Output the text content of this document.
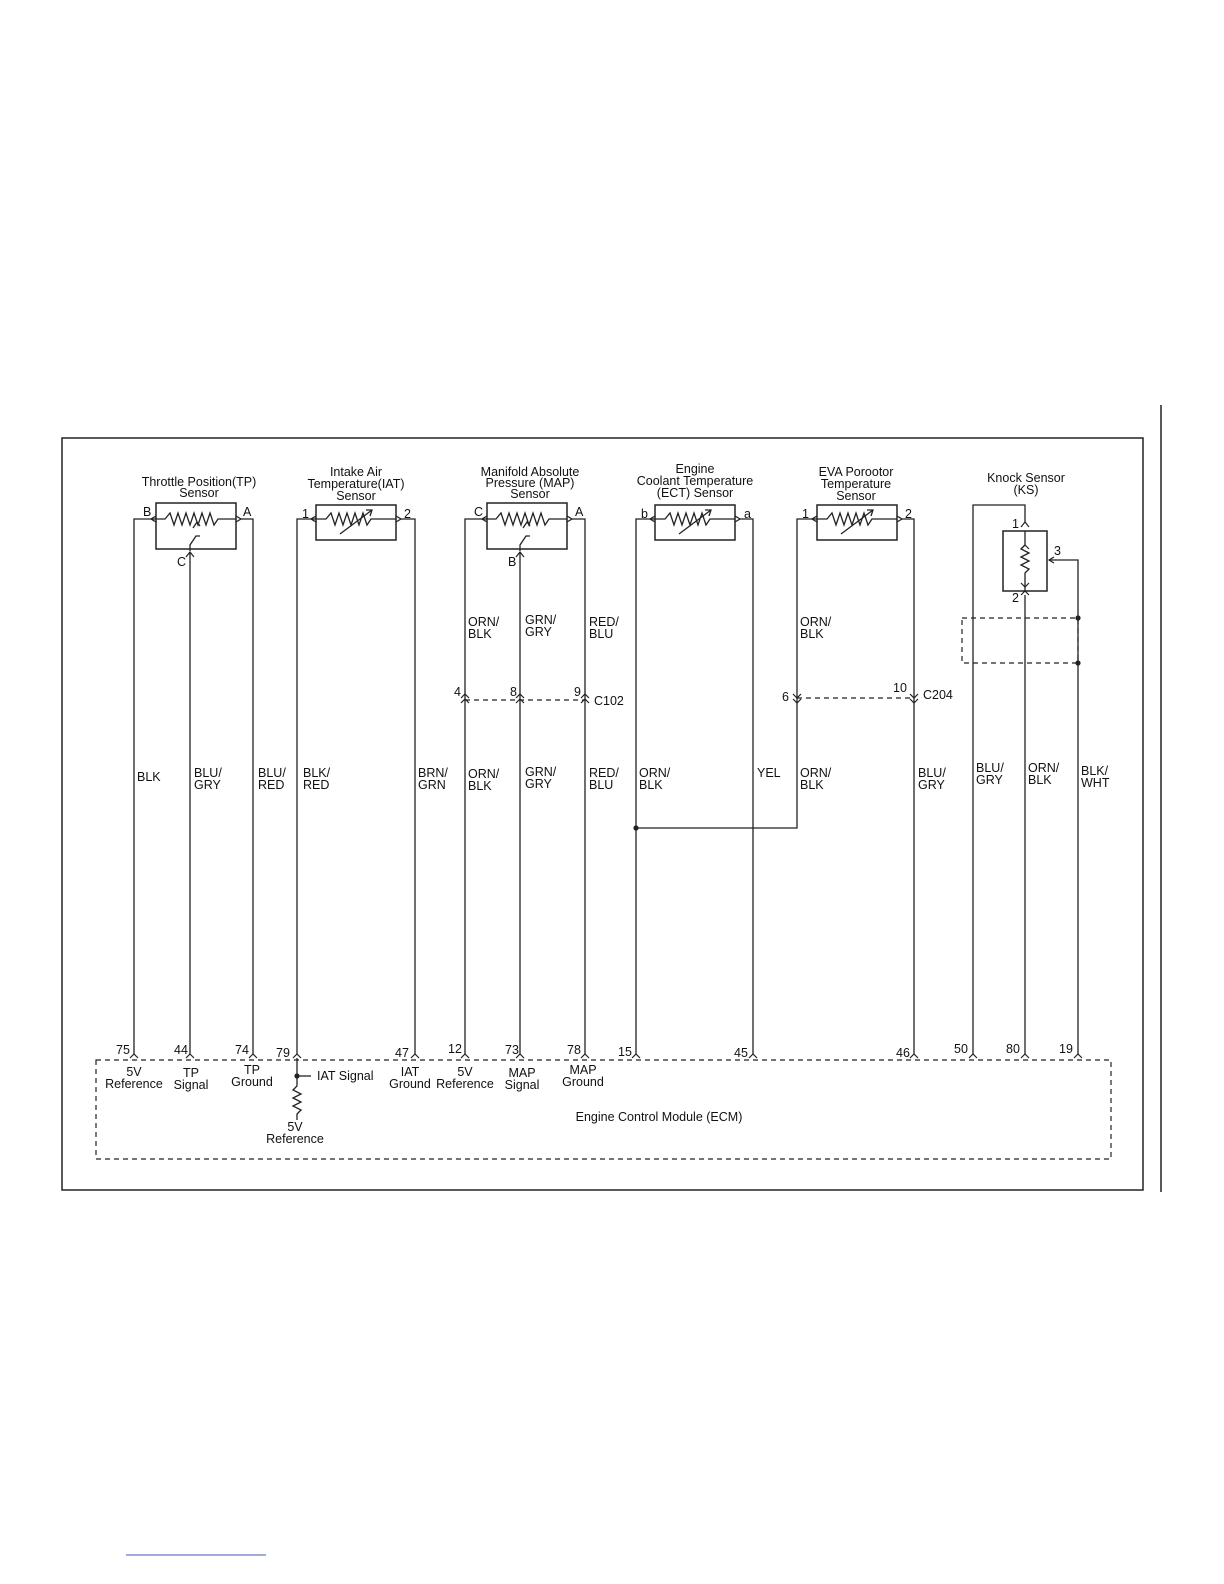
Throttle Position(TP)
Sensor
B	A
C
Intake Air
Temperature(IAT)
Sensor
1	2
Manifold Absolute
Pressure (MAP)
Sensor
C	A
B
Engine
Coolant Temperature
(ECT) Sensor
b	a
EVA Porootor
Temperature
Sensor
1	2
Knock Sensor
(KS)
1
2
3
ORN/
BLK
GRN/
GRY
RED/
BLU
ORN/
BLK
4	8	9
C102	6
10 C204
BLK	BLU/
GRY
BLU/
RED
BLK/
RED
BRN/
GRN
ORN/
BLK
GRN/
GRY
RED/
BLU
ORN/
BLK
YEL ORN/
BLK
BLU/
GRY
BLU/
GRY
ORN/
BLK
BLK/
WHT
75	44	74 79	47	12	73	78	15	45	46	50	80	19
5V
Reference
TP
Signal
TP
Ground
IAT
Ground
5V
Reference
MAP
Signal
MAP
Ground
IAT Signal
5V
Reference
Engine Control Module (ECM)
